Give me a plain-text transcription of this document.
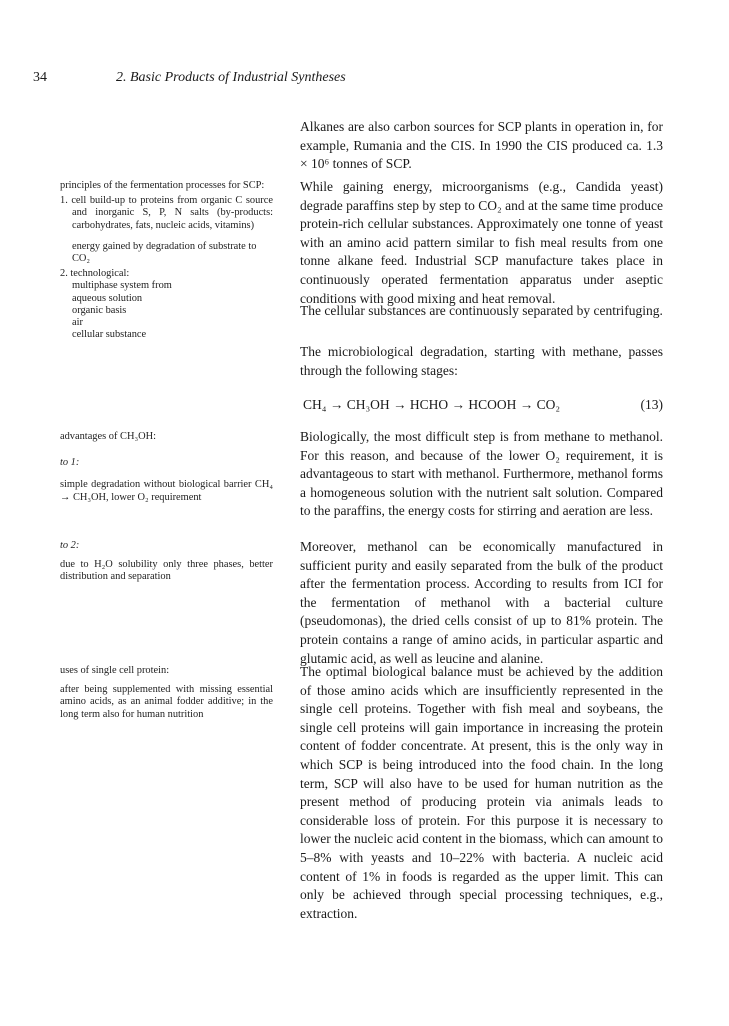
34	2. Basic Products of Industrial Syntheses

Alkanes are also carbon sources for SCP plants in operation in, for example, Rumania and the CIS. In 1990 the CIS produced ca. 1.3 × 10⁶ tonnes of SCP.

While gaining energy, microorganisms (e.g., Candida yeast) degrade paraffins step by step to CO₂ and at the same time produce protein-rich cellular substances. Approximately one tonne of yeast with an amino acid pattern similar to fish meal results from one tonne alkane feed. Industrial SCP manufacture takes place in continuously operated fermentation apparatus under aseptic conditions with good mixing and heat removal.

The cellular substances are continuously separated by centrifuging.

The microbiological degradation, starting with methane, passes through the following stages:

CH₄ → CH₃OH → HCHO → HCOOH → CO₂	(13)

Biologically, the most difficult step is from methane to methanol. For this reason, and because of the lower O₂ requirement, it is advantageous to start with methanol. Furthermore, methanol forms a homogeneous solution with the nutrient salt solution. Compared to the paraffins, the energy costs for stirring and aeration are less.

Moreover, methanol can be economically manufactured in sufficient purity and easily separated from the bulk of the product after the fermentation process. According to results from ICI for the fermentation of methanol with a bacterial culture (pseudomonas), the dried cells consist of up to 81% protein. The protein contains a range of amino acids, in particular aspartic and glutamic acid, as well as leucine and alanine.

The optimal biological balance must be achieved by the addition of those amino acids which are insufficiently represented in the single cell proteins. Together with fish meal and soybeans, the single cell proteins will gain importance in increasing the protein content of fodder concentrate. At present, this is the only way in which SCP is being introduced into the food chain. In the long term, SCP will also have to be used for human nutrition as the present method of producing protein via animals leads to considerable loss of protein. For this purpose it is necessary to lower the nucleic acid content in the biomass, which can amount to 5–8% with yeasts and 10–22% with bacteria. A nucleic acid content of 1% in foods is regarded as the upper limit. This can only be achieved through special processing techniques, e.g., extraction.

principles of the fermentation processes for SCP:

1. cell build-up to proteins from organic C source and inorganic S, P, N salts (by-products: carbohydrates, fats, nucleic acids, vitamins)

energy gained by degradation of substrate to CO₂

2. technological:

multiphase system from

aqueous solution

organic basis

air

cellular substance

advantages of CH₃OH:

to 1:

simple degradation without biological barrier CH₄ → CH₃OH, lower O₂ requirement

to 2:

due to H₂O solubility only three phases, better distribution and separation

uses of single cell protein:

after being supplemented with missing essential amino acids, as an animal fodder additive; in the long term also for human nutrition
